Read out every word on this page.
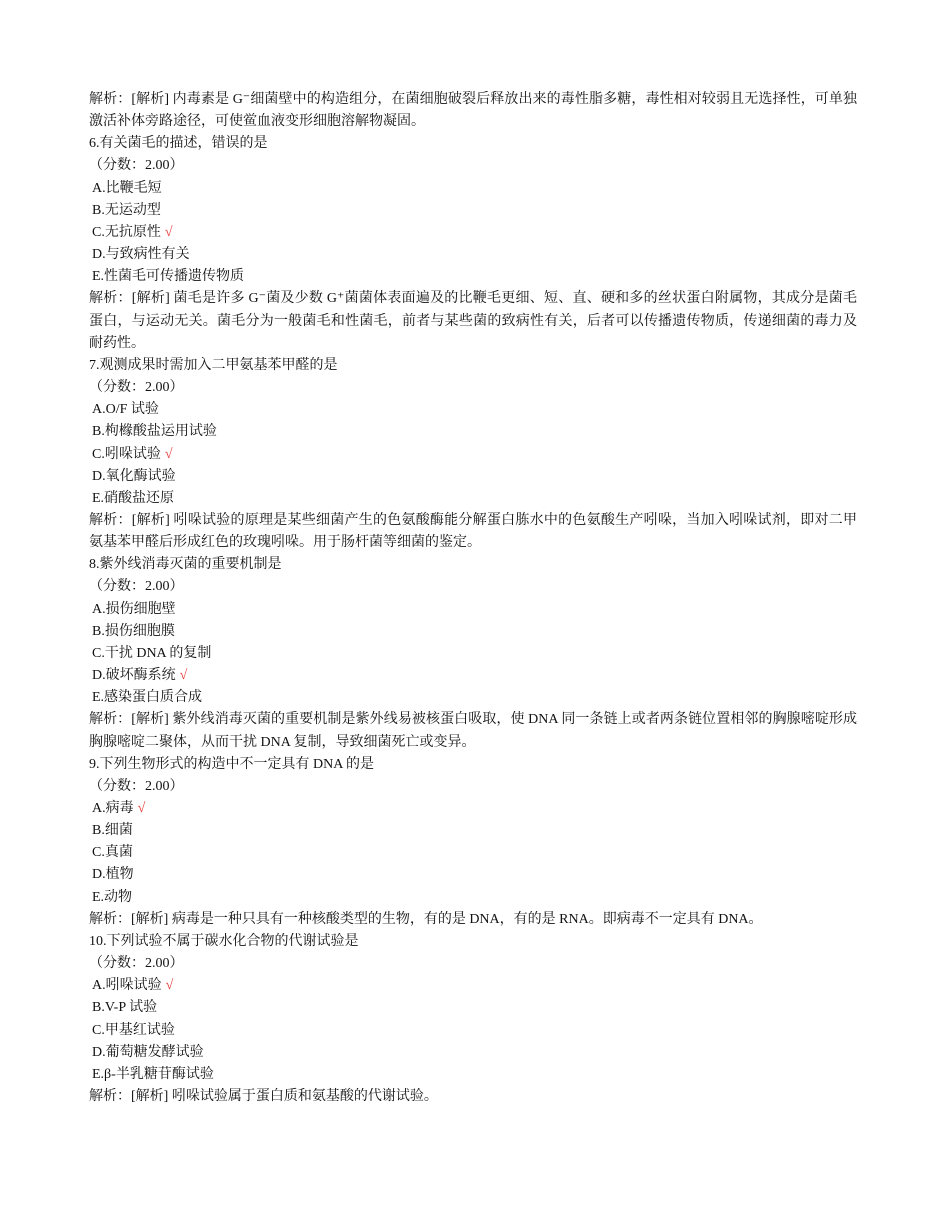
解析：[解析] 内毒素是 G⁻细菌壁中的构造组分，在菌细胞破裂后释放出来的毒性脂多糖，毒性相对较弱且无选择性，可单独激活补体旁路途径，可使鲎血液变形细胞溶解物凝固。

6.有关菌毛的描述，错误的是

（分数：2.00）

A.比鞭毛短

B.无运动型

C.无抗原性 √

D.与致病性有关

E.性菌毛可传播遗传物质

解析：[解析] 菌毛是许多 G⁻菌及少数 G⁺菌菌体表面遍及的比鞭毛更细、短、直、硬和多的丝状蛋白附属物，其成分是菌毛蛋白，与运动无关。菌毛分为一般菌毛和性菌毛，前者与某些菌的致病性有关，后者可以传播遗传物质，传递细菌的毒力及耐药性。

7.观测成果时需加入二甲氨基苯甲醛的是

（分数：2.00）

A.O/F 试验

B.枸橼酸盐运用试验

C.吲哚试验 √

D.氧化酶试验

E.硝酸盐还原

解析：[解析] 吲哚试验的原理是某些细菌产生的色氨酸酶能分解蛋白胨水中的色氨酸生产吲哚，当加入吲哚试剂，即对二甲氨基苯甲醛后形成红色的玫瑰吲哚。用于肠杆菌等细菌的鉴定。

8.紫外线消毒灭菌的重要机制是

（分数：2.00）

A.损伤细胞壁

B.损伤细胞膜

C.干扰 DNA 的复制

D.破坏酶系统 √

E.感染蛋白质合成

解析：[解析] 紫外线消毒灭菌的重要机制是紫外线易被核蛋白吸取，使 DNA 同一条链上或者两条链位置相邻的胸腺嘧啶形成胸腺嘧啶二聚体，从而干扰 DNA 复制，导致细菌死亡或变异。

9.下列生物形式的构造中不一定具有 DNA 的是

（分数：2.00）

A.病毒 √

B.细菌

C.真菌

D.植物

E.动物

解析：[解析] 病毒是一种只具有一种核酸类型的生物，有的是 DNA，有的是 RNA。即病毒不一定具有 DNA。

10.下列试验不属于碳水化合物的代谢试验是

（分数：2.00）

A.吲哚试验 √

B.V-P 试验

C.甲基红试验

D.葡萄糖发酵试验

E.β-半乳糖苷酶试验

解析：[解析] 吲哚试验属于蛋白质和氨基酸的代谢试验。
